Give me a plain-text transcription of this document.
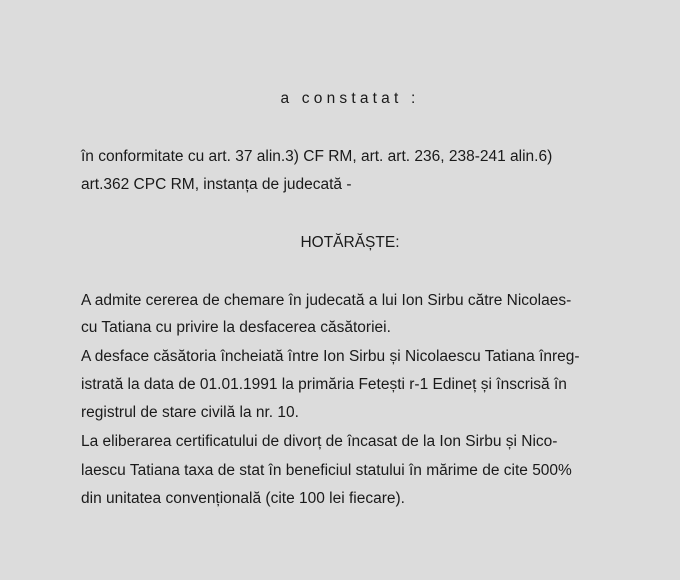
a constatat :
în conformitate cu art. 37 alin.3) CF RM, art. art. 236, 238-241 alin.6)
art.362 CPC RM, instanța de judecată -
HOTĂRĂȘTE:
A admite cererea de chemare în judecată a lui Ion Sirbu către Nicolaes-
cu Tatiana cu privire la desfacerea căsătoriei.
A desface căsătoria încheiată între Ion Sirbu și Nicolaescu Tatiana înreg-
istrată la data de 01.01.1991 la primăria Fetești r-1 Edineț și înscrisă în
registrul de stare civilă la nr. 10.
La eliberarea certificatului de divorț de încasat de la Ion Sirbu și Nico-
laescu Tatiana taxa de stat în beneficiul statului în mărime de cite 500%
din unitatea convențională (cite 100 lei fiecare).
